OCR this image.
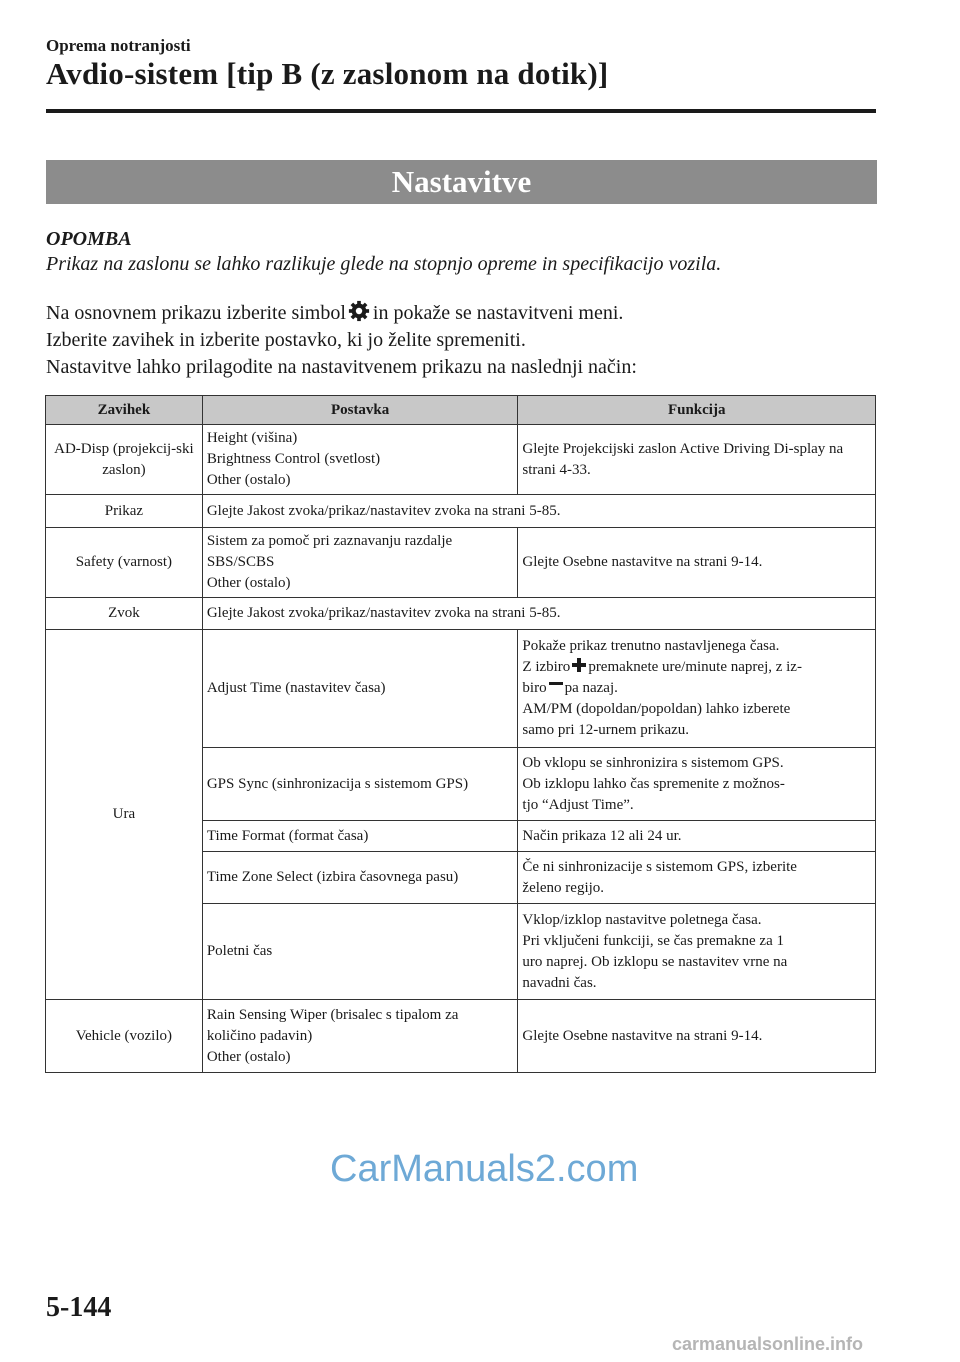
Oprema notranjosti
Avdio-sistem [tip B (z zaslonom na dotik)]
Nastavitve
OPOMBA
Prikaz na zaslonu se lahko razlikuje glede na stopnjo opreme in specifikacijo vozila.

Na osnovnem prikazu izberite simbol in pokaže se nastavitveni meni.

Izberite zavihek in izberite postavko, ki jo želite spremeniti.

Nastavitve lahko prilagodite na nastavitvenem prikazu na naslednji način:

Zavihek	Postavka	Funkcija
AD-Disp (projekcij-ski zaslon)	Height (višina)
Brightness Control (svetlost)
Other (ostalo)	Glejte Projekcijski zaslon Active Driving Di-splay na strani 4-33.
Prikaz	Glejte Jakost zvoka/prikaz/nastavitev zvoka na strani 5-85.	
Safety (varnost)	Sistem za pomoč pri zaznavanju razdalje
SBS/SCBS
Other (ostalo)	Glejte Osebne nastavitve na strani 9-14.
Zvok	Glejte Jakost zvoka/prikaz/nastavitev zvoka na strani 5-85.	
Ura	Adjust Time (nastavitev časa)	Pokaže prikaz trenutno nastavljenega časa.
Z izbiro premaknete ure/minute naprej, z iz-
biro pa nazaj.
AM/PM (dopoldan/popoldan) lahko izberete
samo pri 12-urnem prikazu.

	GPS Sync (sinhronizacija s sistemom GPS)	Ob vklopu se sinhronizira s sistemom GPS.
Ob izklopu lahko čas spremenite z možnos-
tjo “Adjust Time”.

	Time Format (format časa)	Način prikaza 12 ali 24 ur.
	Time Zone Select (izbira časovnega pasu)	Če ni sinhronizacije s sistemom GPS, izberite
želeno regijo.

	Poletni čas	Vklop/izklop nastavitve poletnega časa.
Pri vključeni funkciji, se čas premakne za 1
uro naprej. Ob izklopu se nastavitev vrne na
navadni čas.

Vehicle (vozilo)	Rain Sensing Wiper (brisalec s tipalom za
količino padavin)
Other (ostalo)	Glejte Osebne nastavitve na strani 9-14.
CarManuals2.com
5-144
carmanualsonline.info
